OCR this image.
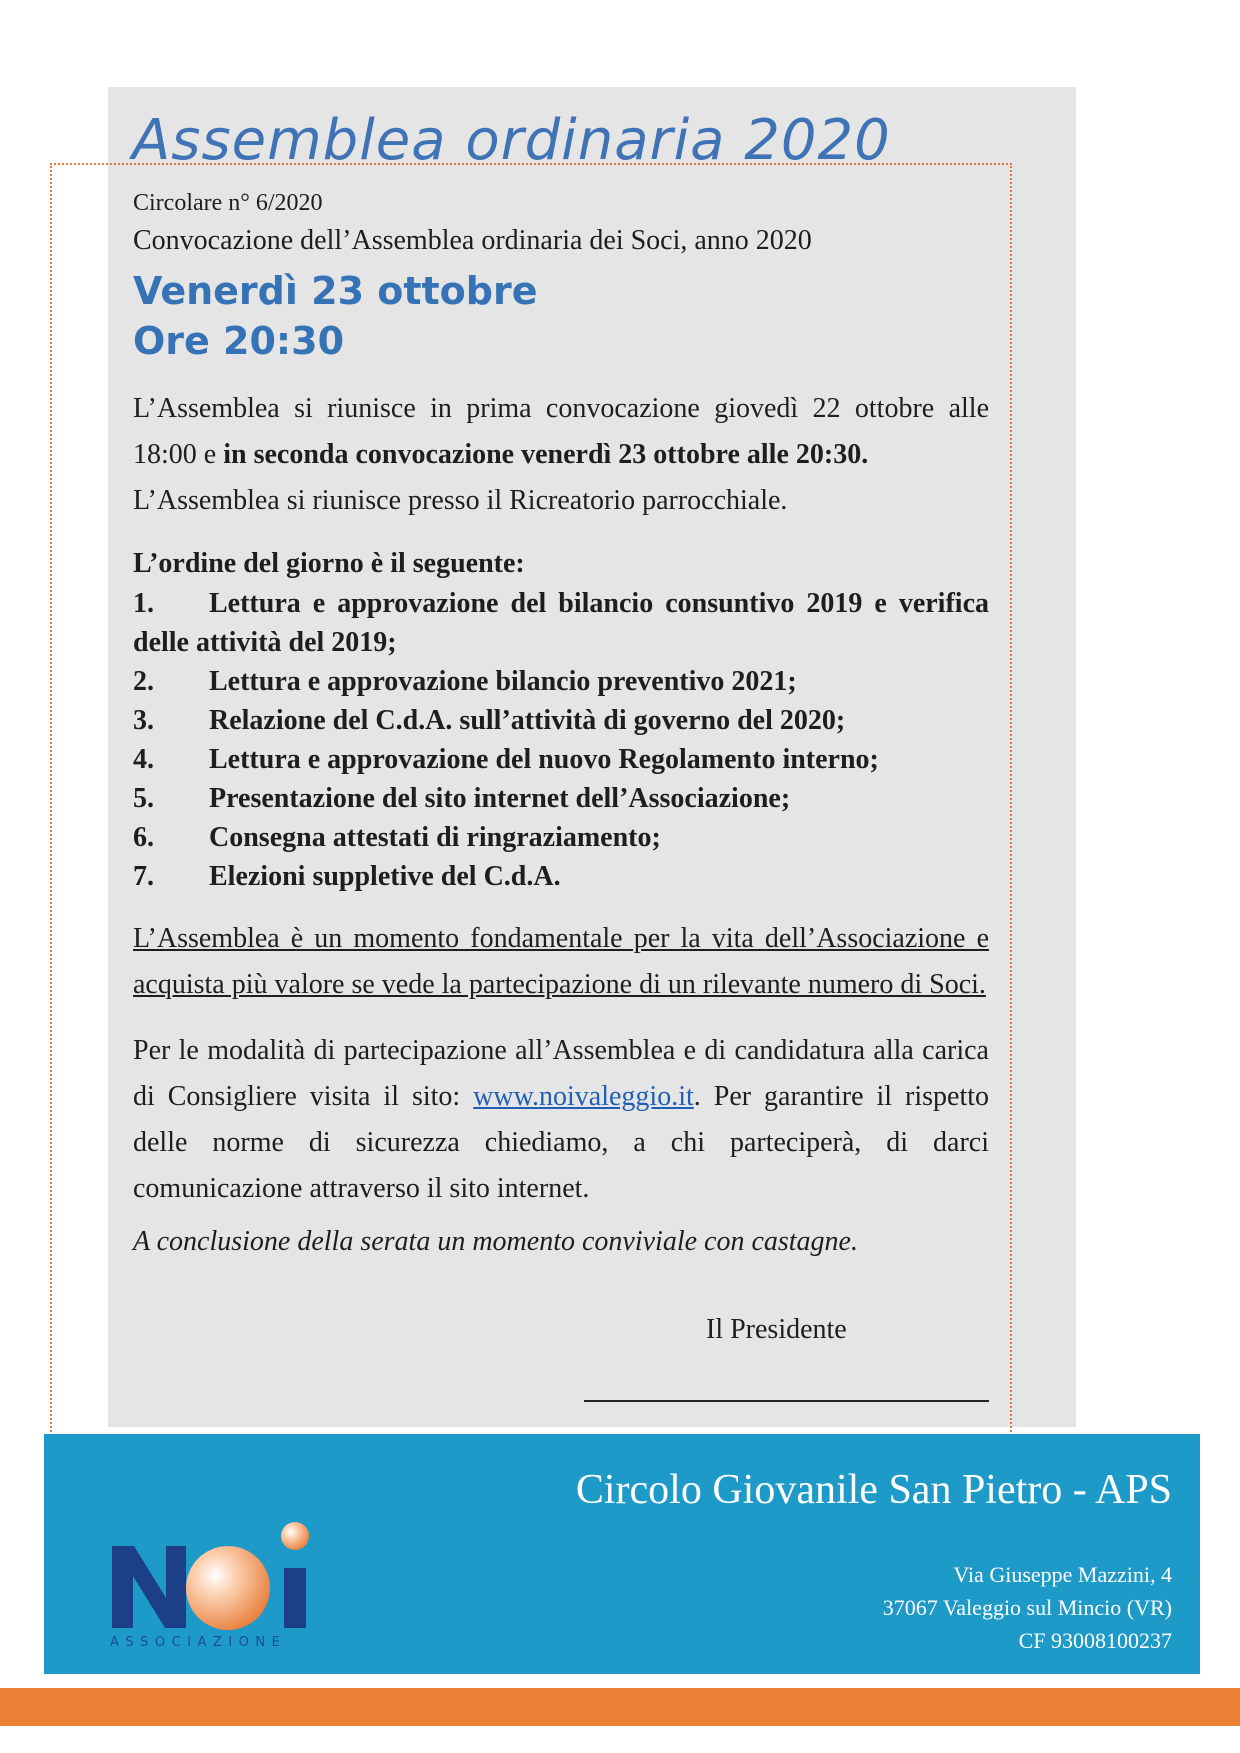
Assemblea ordinaria 2020

Circolare n° 6/2020

Convocazione dell’Assemblea ordinaria dei Soci, anno 2020

Venerdì 23 ottobre

Ore 20:30

L’Assemblea si riunisce in prima convocazione giovedì 22 ottobre alle 18:00 e in seconda convocazione venerdì 23 ottobre alle 20:30.

L’Assemblea si riunisce presso il Ricreatorio parrocchiale.

L’ordine del giorno è il seguente:

1. Lettura e approvazione del bilancio consuntivo 2019 e verifica delle attività del 2019;
2. Lettura e approvazione bilancio preventivo 2021;
3. Relazione del C.d.A. sull’attività di governo del 2020;
4. Lettura e approvazione del nuovo Regolamento interno;
5. Presentazione del sito internet dell’Associazione;
6. Consegna attestati di ringraziamento;
7. Elezioni suppletive del C.d.A.

L’Assemblea è un momento fondamentale per la vita dell’Associazione e acquista più valore se vede la partecipazione di un rilevante numero di Soci.

Per le modalità di partecipazione all’Assemblea e di candidatura alla carica di Consigliere visita il sito: www.noivaleggio.it. Per garantire il rispetto delle norme di sicurezza chiediamo, a chi parteciperà, di darci comunicazione attraverso il sito internet.

A conclusione della serata un momento conviviale con castagne.

Il Presidente
ASSOCIAZIONE
Circolo Giovanile San Pietro - APS
Via Giuseppe Mazzini, 4
37067 Valeggio sul Mincio (VR)
CF 93008100237
